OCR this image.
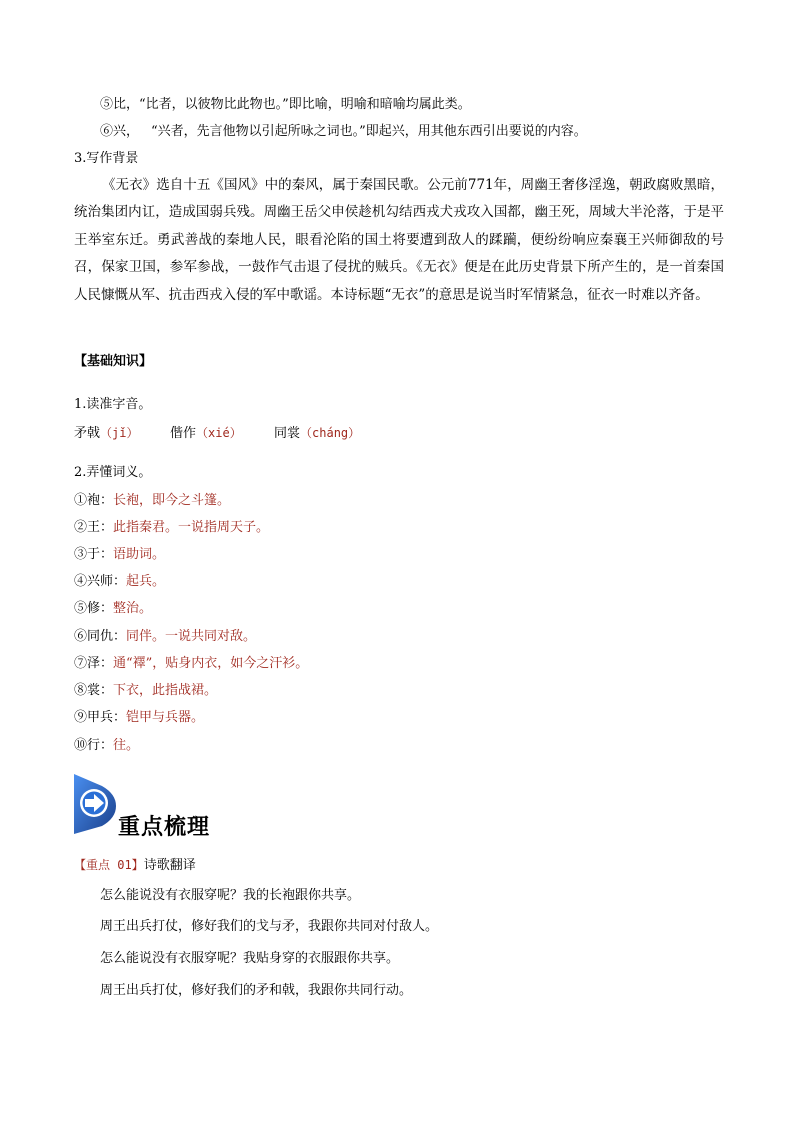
⑤比，“比者，以彼物比此物也。”即比喻，明喻和暗喻均属此类。
⑥兴， “兴者，先言他物以引起所咏之词也。”即起兴，用其他东西引出要说的内容。
3.写作背景
《无衣》选自十五《国风》中的秦风，属于秦国民歌。公元前771年，周幽王奢侈淫逸，朝政腐败黑暗，统治集团内讧，造成国弱兵残。周幽王岳父申侯趁机勾结西戎犬戎攻入国都，幽王死，周域大半沦落，于是平王举室东迁。勇武善战的秦地人民，眼看沦陷的国土将要遭到敌人的蹂躏，便纷纷响应秦襄王兴师御敌的号召，保家卫国，参军参战，一鼓作气击退了侵扰的贼兵。《无衣》便是在此历史背景下所产生的，是一首秦国人民慷慨从军、抗击西戎入侵的军中歌谣。本诗标题“无衣”的意思是说当时军情紧急，征衣一时难以齐备。
【基础知识】
1.读准字音。
矛戟（jǐ） 偕作（xié） 同裳（cháng）
2.弄懂词义。
①袍：长袍，即今之斗篷。
②王：此指秦君。一说指周天子。
③于：语助词。
④兴师：起兵。
⑤修：整治。
⑥同仇：同伴。一说共同对敌。
⑦泽：通“襗”，贴身内衣，如今之汗衫。
⑧裳：下衣，此指战裙。
⑨甲兵：铠甲与兵器。
⑩行：往。
重点梳理
【重点 01】诗歌翻译
怎么能说没有衣服穿呢？我的长袍跟你共享。
周王出兵打仗，修好我们的戈与矛，我跟你共同对付敌人。
怎么能说没有衣服穿呢？我贴身穿的衣服跟你共享。
周王出兵打仗，修好我们的矛和戟，我跟你共同行动。
